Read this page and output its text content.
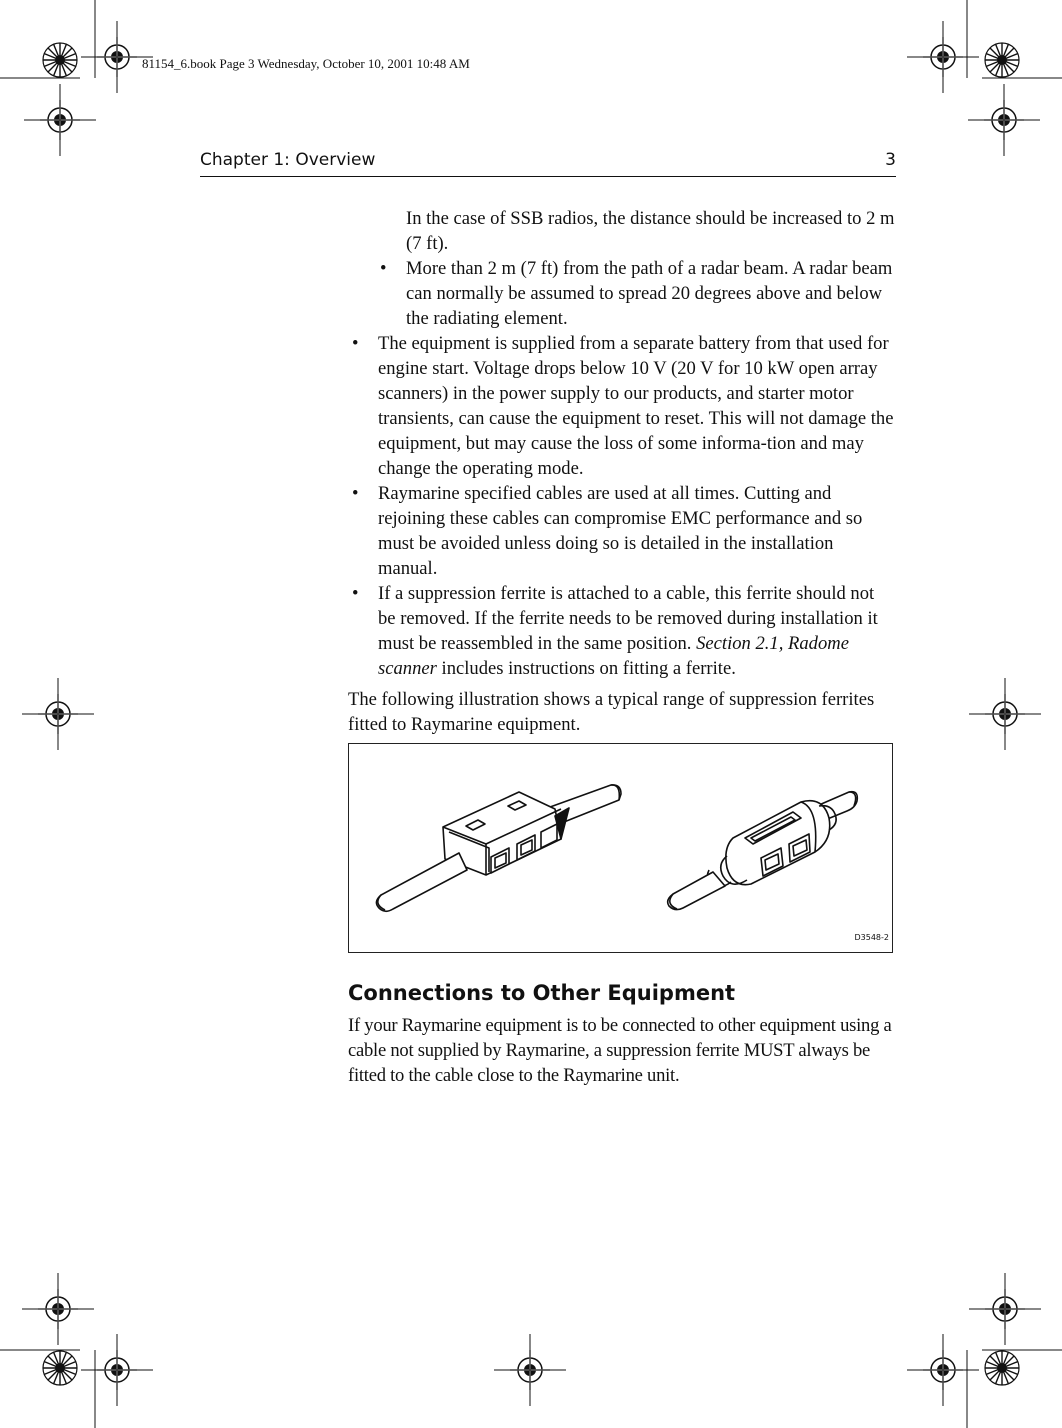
81154_6.book Page 3 Wednesday, October 10, 2001 10:48 AM
Chapter 1: Overview	3

In the case of SSB radios, the distance should be increased to 2 m (7 ft).

• More than 2 m (7 ft) from the path of a radar beam. A radar beam can normally be assumed to spread 20 degrees above and below the radiating element.

• The equipment is supplied from a separate battery from that used for engine start. Voltage drops below 10 V (20 V for 10 kW open array scanners) in the power supply to our products, and starter motor transients, can cause the equipment to reset. This will not damage the equipment, but may cause the loss of some informa-tion and may change the operating mode.

• Raymarine specified cables are used at all times. Cutting and rejoining these cables can compromise EMC performance and so must be avoided unless doing so is detailed in the installation manual.

• If a suppression ferrite is attached to a cable, this ferrite should not be removed. If the ferrite needs to be removed during installation it must be reassembled in the same position. Section 2.1, Radome scanner includes instructions on fitting a ferrite.

The following illustration shows a typical range of suppression ferrites fitted to Raymarine equipment.

D3548-2
Connections to Other Equipment

If your Raymarine equipment is to be connected to other equipment using a cable not supplied by Raymarine, a suppression ferrite MUST always be fitted to the cable close to the Raymarine unit.
